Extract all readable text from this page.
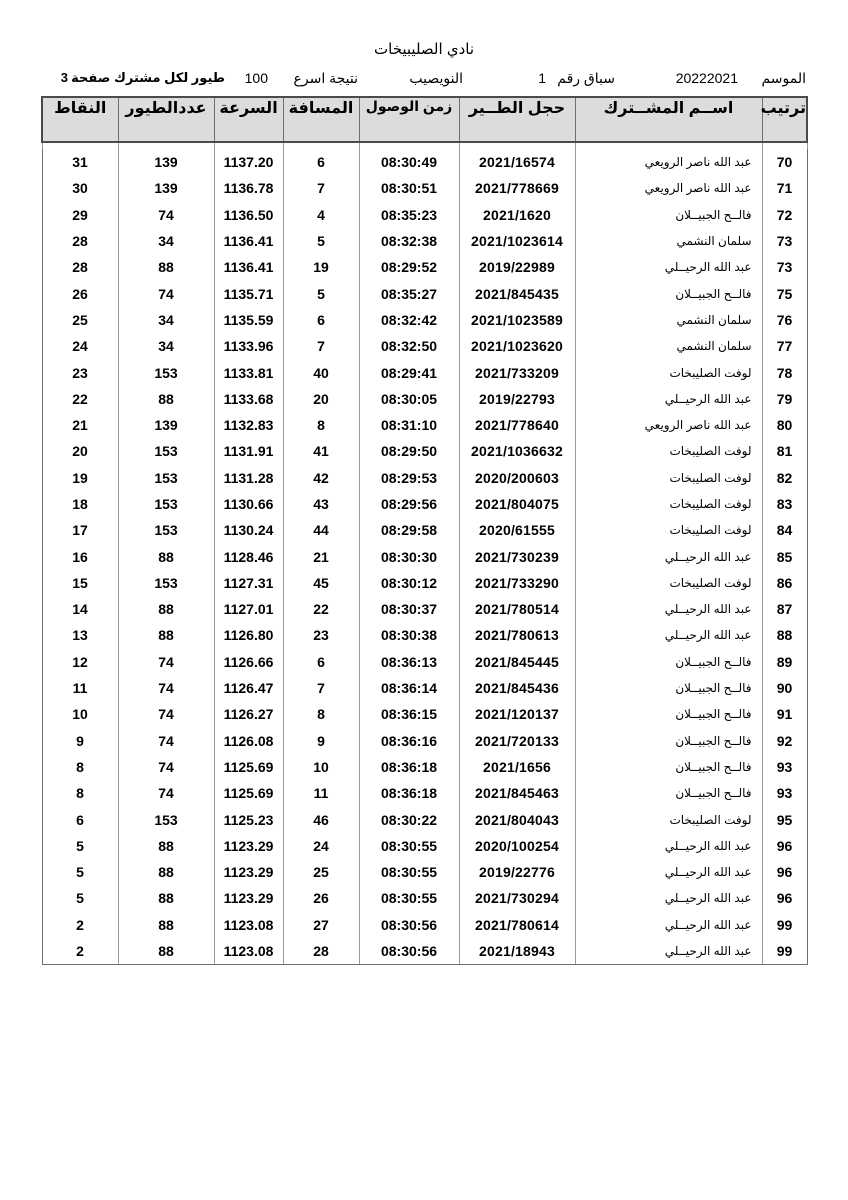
نادي الصليبيخات
الموسم
20222021
سباق رقم
1
النويصيب
نتيجة اسرع
100
طيور لكل مشترك صفحة
3
ترتيب	اســم المشــترك	حجل الطــير	زمن الوصول	المسافة	السرعة	عددالطيور	النقاط

70	عبد الله ناصر الرويعي	2021/16574	08:30:49	6	1137.20	139	31
71	عبد الله ناصر الرويعي	2021/778669	08:30:51	7	1136.78	139	30
72	فالــح الجبيــلان	2021/1620	08:35:23	4	1136.50	74	29
73	سلمان النشمي	2021/1023614	08:32:38	5	1136.41	34	28
73	عبد الله الرحيــلي	2019/22989	08:29:52	19	1136.41	88	28
75	فالــح الجبيــلان	2021/845435	08:35:27	5	1135.71	74	26
76	سلمان النشمي	2021/1023589	08:32:42	6	1135.59	34	25
77	سلمان النشمي	2021/1023620	08:32:50	7	1133.96	34	24
78	لوفت الصليبخات	2021/733209	08:29:41	40	1133.81	153	23
79	عبد الله الرحيــلي	2019/22793	08:30:05	20	1133.68	88	22
80	عبد الله ناصر الرويعي	2021/778640	08:31:10	8	1132.83	139	21
81	لوفت الصليبخات	2021/1036632	08:29:50	41	1131.91	153	20
82	لوفت الصليبخات	2020/200603	08:29:53	42	1131.28	153	19
83	لوفت الصليبخات	2021/804075	08:29:56	43	1130.66	153	18
84	لوفت الصليبخات	2020/61555	08:29:58	44	1130.24	153	17
85	عبد الله الرحيــلي	2021/730239	08:30:30	21	1128.46	88	16
86	لوفت الصليبخات	2021/733290	08:30:12	45	1127.31	153	15
87	عبد الله الرحيــلي	2021/780514	08:30:37	22	1127.01	88	14
88	عبد الله الرحيــلي	2021/780613	08:30:38	23	1126.80	88	13
89	فالــح الجبيــلان	2021/845445	08:36:13	6	1126.66	74	12
90	فالــح الجبيــلان	2021/845436	08:36:14	7	1126.47	74	11
91	فالــح الجبيــلان	2021/120137	08:36:15	8	1126.27	74	10
92	فالــح الجبيــلان	2021/720133	08:36:16	9	1126.08	74	9
93	فالــح الجبيــلان	2021/1656	08:36:18	10	1125.69	74	8
93	فالــح الجبيــلان	2021/845463	08:36:18	11	1125.69	74	8
95	لوفت الصليبخات	2021/804043	08:30:22	46	1125.23	153	6
96	عبد الله الرحيــلي	2020/100254	08:30:55	24	1123.29	88	5
96	عبد الله الرحيــلي	2019/22776	08:30:55	25	1123.29	88	5
96	عبد الله الرحيــلي	2021/730294	08:30:55	26	1123.29	88	5
99	عبد الله الرحيــلي	2021/780614	08:30:56	27	1123.08	88	2
99	عبد الله الرحيــلي	2021/18943	08:30:56	28	1123.08	88	2
